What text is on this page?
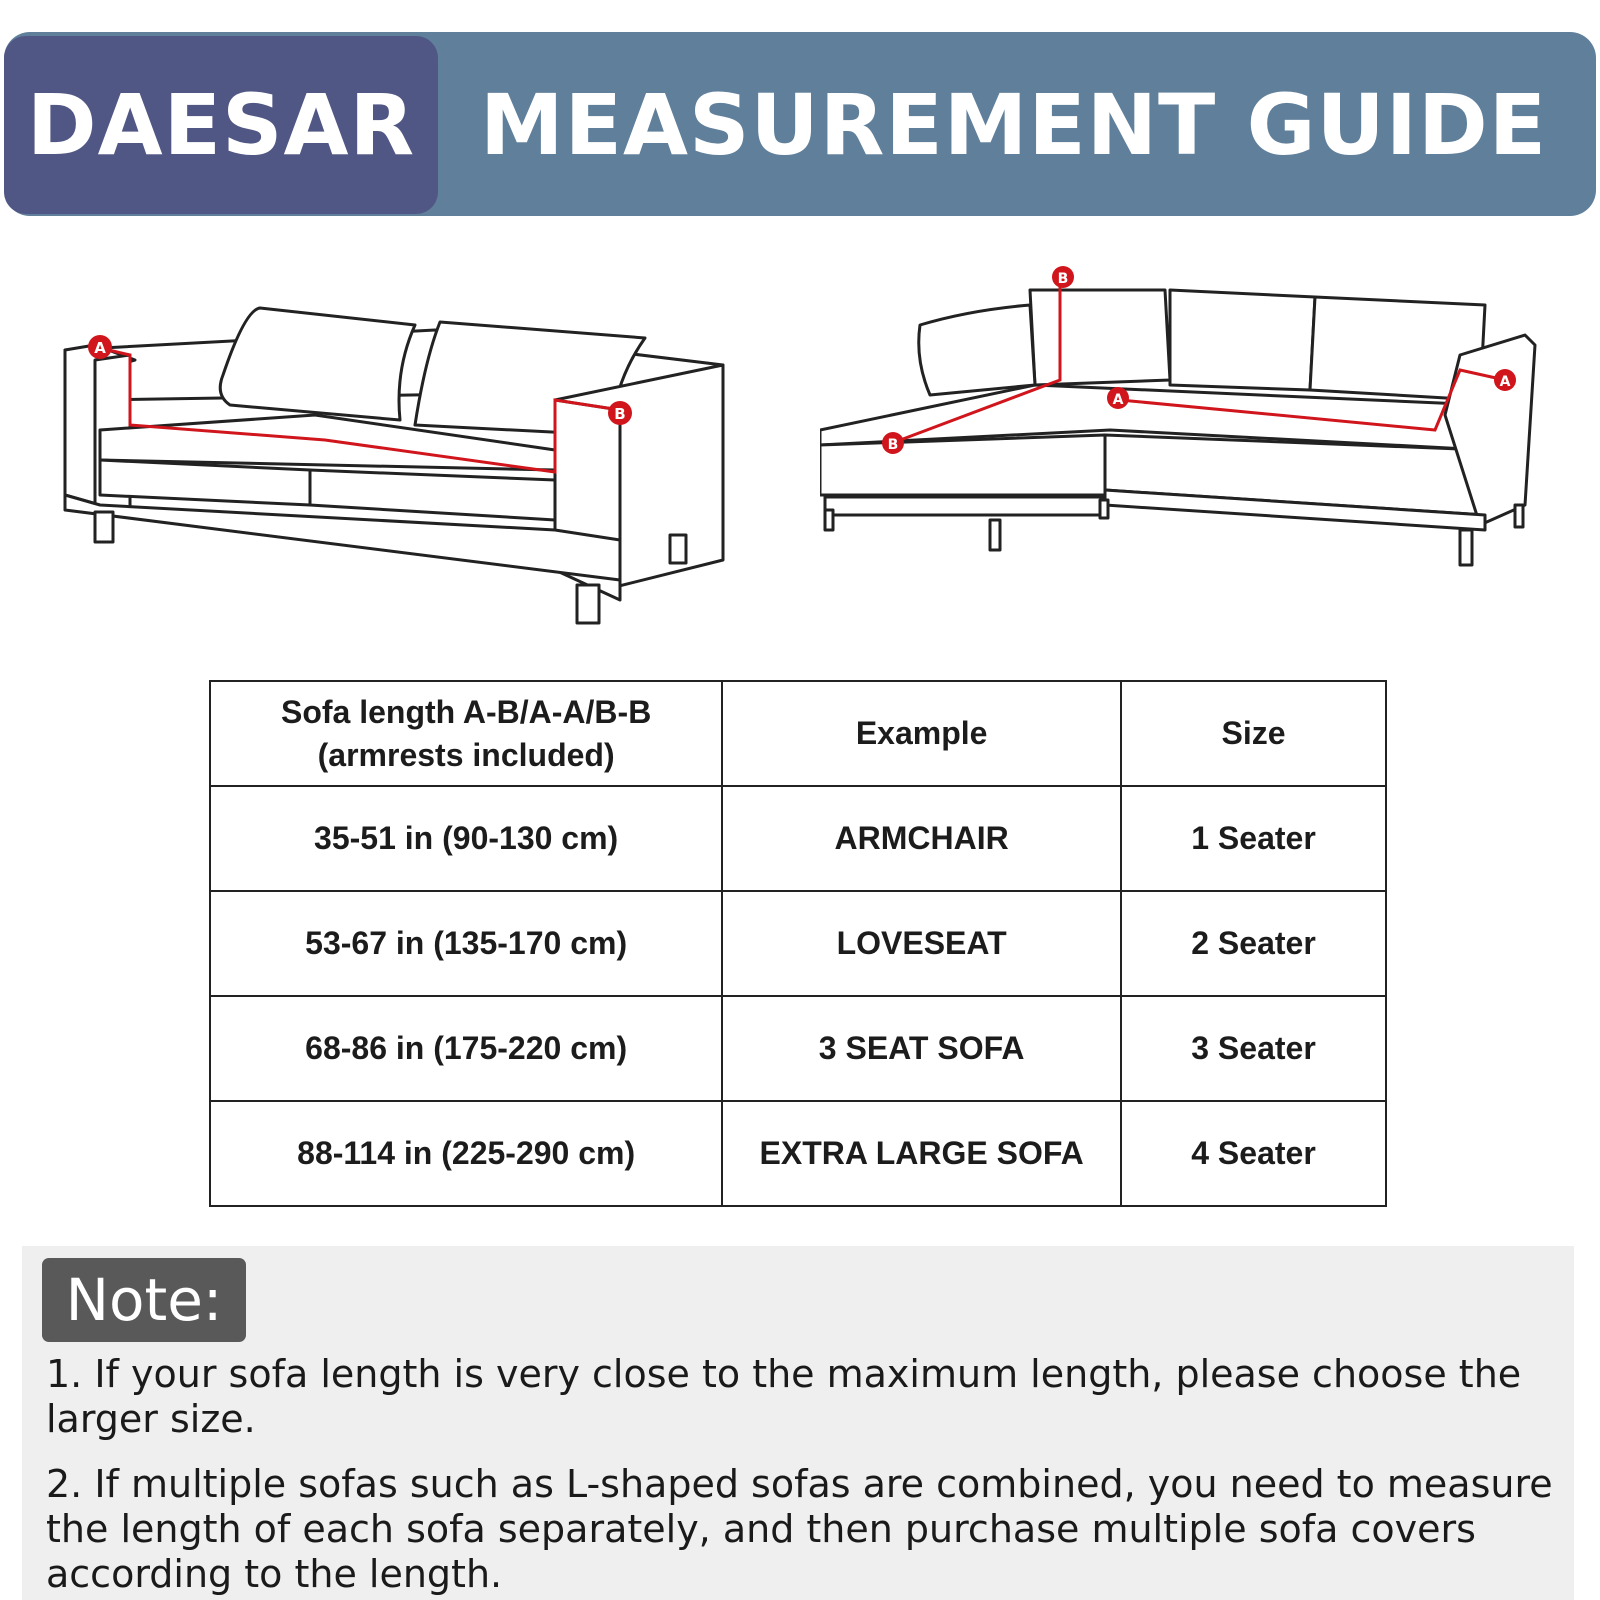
DAESAR MEASUREMENT GUIDE
A
B
B
A
B
A
Sofa length A-B/A-A/B-B
(armrests included)	Example	Size
35-51 in (90-130 cm)	ARMCHAIR	1 Seater
53-67 in (135-170 cm)	LOVESEAT	2 Seater
68-86 in (175-220 cm)	3 SEAT SOFA	3 Seater
88-114 in (225-290 cm)	EXTRA LARGE SOFA	4 Seater
Note:

1. If your sofa length is very close to the maximum length, please choose the larger size.

2. If multiple sofas such as L-shaped sofas are combined, you need to measure the length of each sofa separately, and then purchase multiple sofa covers according to the length.
